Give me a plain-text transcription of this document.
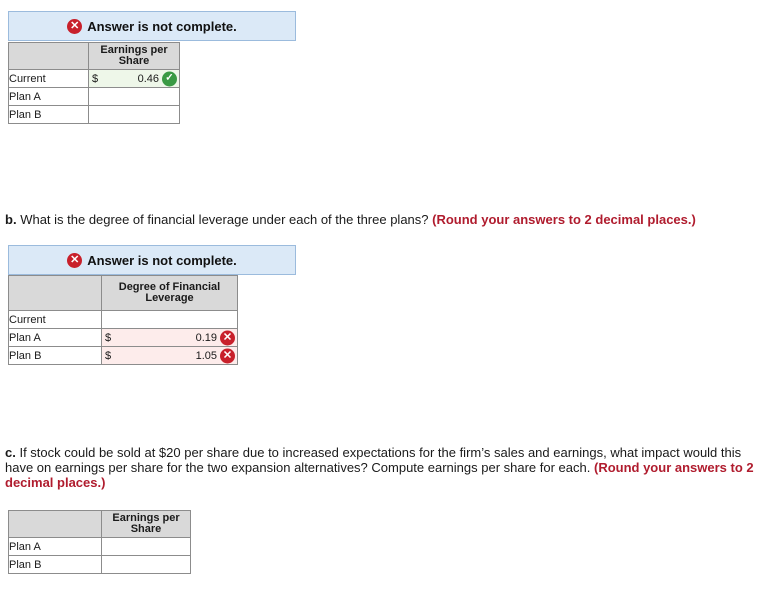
✕ Answer is not complete.
	Earnings per Share
Current	$ 0.46 ✓

Plan A	
Plan B	
b. What is the degree of financial leverage under each of the three plans? (Round your answers to 2 decimal places.)
✕ Answer is not complete.
	Degree of Financial Leverage
Current	
Plan A	$ 0.19 ✕

Plan B	$ 1.05 ✕
c. If stock could be sold at $20 per share due to increased expectations for the firm’s sales and earnings, what impact would this have on earnings per share for the two expansion alternatives? Compute earnings per share for each. (Round your answers to 2 decimal places.)
	Earnings per Share
Plan A	
Plan B	
